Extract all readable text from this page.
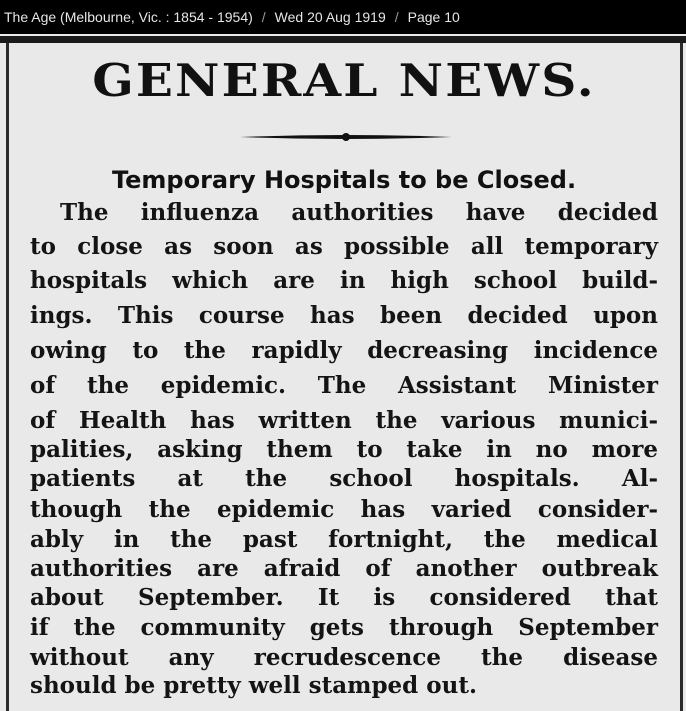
The Age (Melbourne, Vic. : 1854 - 1954) / Wed 20 Aug 1919 / Page 10
GENERAL NEWS.
Temporary Hospitals to be Closed.
The influenza authorities have decided
to close as soon as possible all temporary
hospitals which are in high school build-
ings. This course has been decided upon
owing to the rapidly decreasing incidence
of the epidemic. The Assistant Minister
of Health has written the various munici-
palities, asking them to take in no more
patients at the school hospitals. Al-
though the epidemic has varied consider-
ably in the past fortnight, the medical
authorities are afraid of another outbreak
about September. It is considered that
if the community gets through September
without any recrudescence the disease
should be pretty well stamped out.
